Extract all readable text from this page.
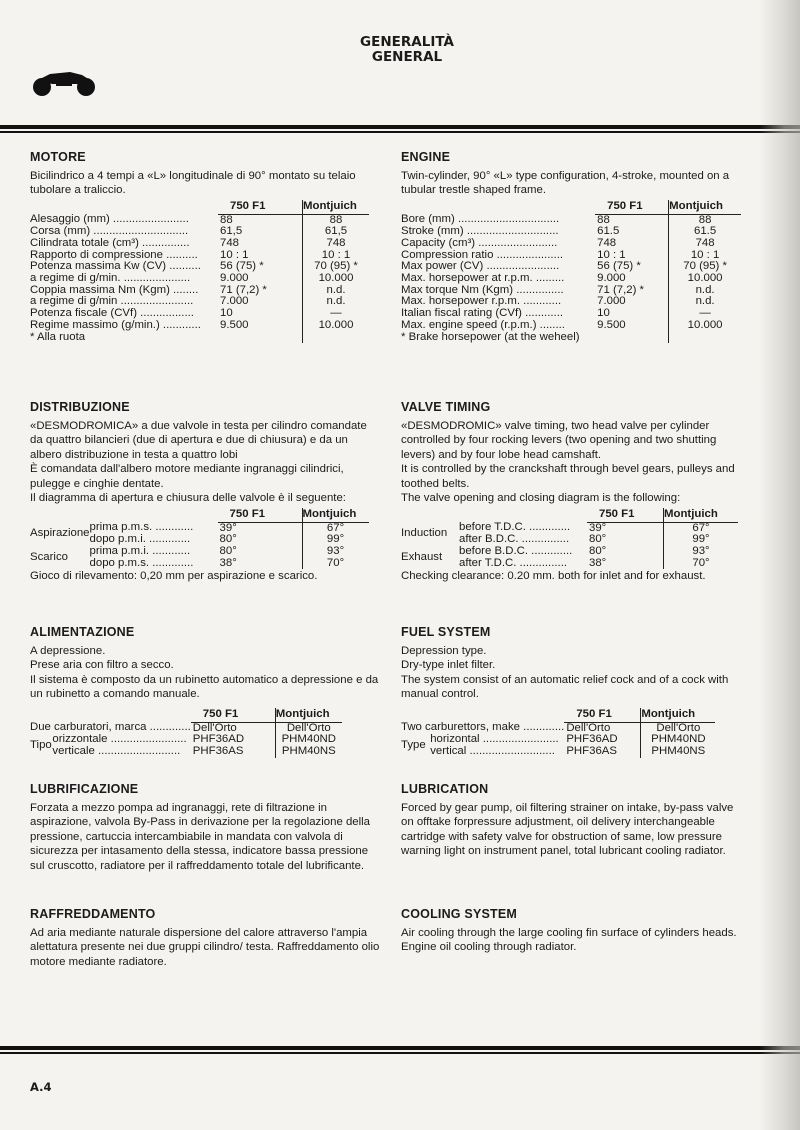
GENERALITÀ
GENERAL
MOTORE

Bicilindrico a 4 tempi a «L» longitudinale di 90° montato su telaio tubolare a traliccio.

	750 F1	Montjuich
Alesaggio (mm) ........................	88	88
Corsa (mm) ..............................	61,5	61,5
Cilindrata totale (cm³) ...............	748	748
Rapporto di compressione ..........	10 : 1	10 : 1
Potenza massima Kw (CV) ..........	56 (75) *	70 (95) *
a regime di g/min. .....................	9.000	10.000
Coppia massima Nm (Kgm) ........	71 (7,2) *	n.d.
a regime di g/min .......................	7.000	n.d.
Potenza fiscale (CVf) .................	10	—
Regime massimo (g/min.) ............	9.500	10.000
* Alla ruota		
DISTRIBUZIONE

«DESMODROMICA» a due valvole in testa per cilindro comandate da quattro bilancieri (due di apertura e due di chiusura) e da un albero distribuzione in testa a quattro lobi

È comandata dall'albero motore mediante ingranaggi cilindrici, pulegge e cinghie dentate.

Il diagramma di apertura e chiusura delle valvole è il seguente:

		750 F1	Montjuich
Aspirazione	prima p.m.s. ............	39°	67°
	dopo p.m.i. .............	80°	99°
Scarico	prima p.m.i. ............	80°	93°
	dopo p.m.s. .............	38°	70°

Gioco di rilevamento: 0,20 mm per aspirazione e scarico.

ALIMENTAZIONE

A depressione.

Prese aria con filtro a secco.

Il sistema è composto da un rubinetto automatico a depressione e da un rubinetto a comando manuale.

		750 F1	Montjuich
Due carburatori, marca .............		Dell'Orto	Dell'Orto
Tipo	orizzontale ........................	PHF36AD	PHM40ND
	verticale ..........................	PHF36AS	PHM40NS
LUBRIFICAZIONE

Forzata a mezzo pompa ad ingranaggi, rete di filtrazione in aspirazione, valvola By-Pass in derivazione per la regolazione della pressione, cartuccia intercambiabile in mandata con valvola di sicurezza per intasamento della stessa, indicatore bassa pressione sul cruscotto, radiatore per il raffreddamento totale del lubrificante.

RAFFREDDAMENTO

Ad aria mediante naturale dispersione del calore attraverso l'ampia alettatura presente nei due gruppi cilindro/ testa. Raffreddamento olio motore mediante radiatore.

ENGINE

Twin-cylinder, 90° «L» type configuration, 4-stroke, mounted on a tubular trestle shaped frame.

	750 F1	Montjuich
Bore (mm) ................................	88	88
Stroke (mm) .............................	61.5	61.5
Capacity (cm³) .........................	748	748
Compression ratio .....................	10 : 1	10 : 1
Max power (CV) .......................	56 (75) *	70 (95) *
Max. horsepower at r.p.m. .........	9.000	10.000
Max torque Nm (Kgm) ...............	71 (7,2) *	n.d.
Max. horsepower r.p.m. ............	7.000	n.d.
Italian fiscal rating (CVf) ............	10	—
Max. engine speed (r.p.m.) ........	9.500	10.000
* Brake horsepower (at the weheel)		
VALVE TIMING

«DESMODROMIC» valve timing, two head valve per cylinder controlled by four rocking levers (two opening and two shutting levers) and by four lobe head camshaft.

It is controlled by the cranckshaft through bevel gears, pulleys and toothed belts.

The valve opening and closing diagram is the following:

		750 F1	Montjuich
Induction	before T.D.C. .............	39°	67°
	after B.D.C. ...............	80°	99°
Exhaust	before B.D.C. .............	80°	93°
	after T.D.C. ...............	38°	70°

Checking clearance: 0.20 mm. both for inlet and for exhaust.

FUEL SYSTEM

Depression type.

Dry-type inlet filter.

The system consist of an automatic relief cock and of a cock with manual control.

		750 F1	Montjuich
Two carburettors, make .............		Dell'Orto	Dell'Orto
Type	horizontal ........................	PHF36AD	PHM40ND
	vertical ...........................	PHF36AS	PHM40NS
LUBRICATION

Forced by gear pump, oil filtering strainer on intake, by-pass valve on offtake forpressure adjustment, oil delivery interchangeable cartridge with safety valve for obstruction of same, low pressure warning light on instrument panel, total lubricant cooling radiator.

COOLING SYSTEM

Air cooling through the large cooling fin surface of cylinders heads. Engine oil cooling through radiator.

A.4
